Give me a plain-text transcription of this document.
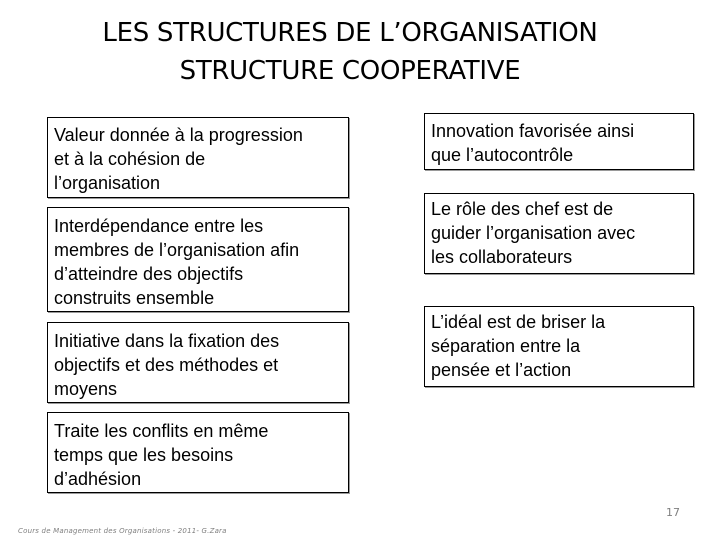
LES STRUCTURES DE L’ORGANISATION
STRUCTURE COOPERATIVE
Valeur donnée à la progression
et à la cohésion de
l’organisation
Interdépendance entre les
membres de l’organisation afin
d’atteindre des objectifs
construits ensemble
Initiative dans la fixation des
objectifs et des méthodes et
moyens
Traite les conflits en même
temps que les besoins
d’adhésion
Innovation favorisée ainsi
que l’autocontrôle
Le rôle des chef est de
guider l’organisation avec
les collaborateurs
L’idéal est de briser la
séparation entre la
pensée et l’action
17
Cours de Management des Organisations - 2011- G.Zara
